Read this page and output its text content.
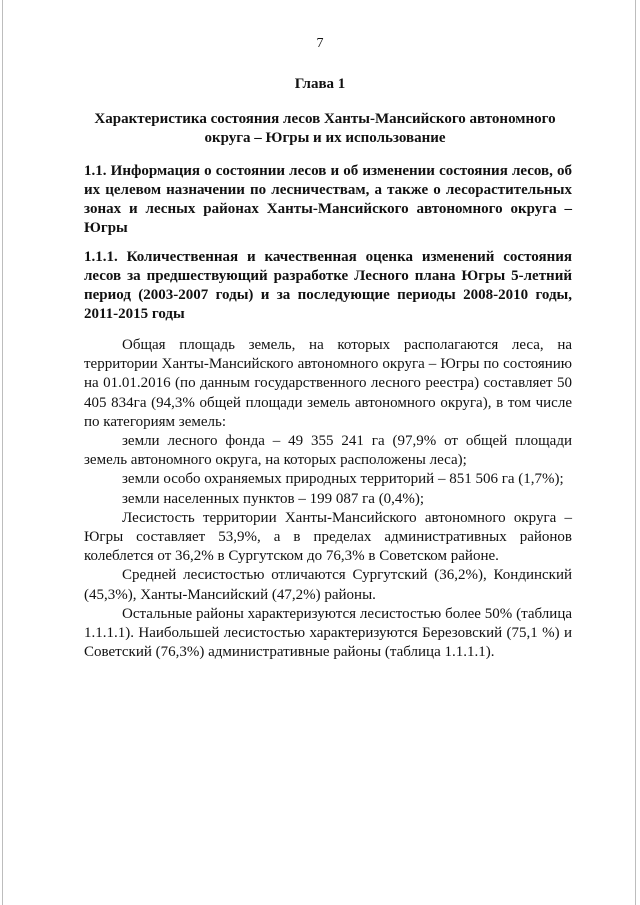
7
Глава 1
Характеристика состояния лесов Ханты-Мансийского автономного округа – Югры и их использование
1.1. Информация о состоянии лесов и об изменении состояния лесов, об их целевом назначении по лесничествам, а также о лесорастительных зонах и лесных районах Ханты-Мансийского автономного округа – Югры
1.1.1. Количественная и качественная оценка изменений состояния лесов за предшествующий разработке Лесного плана Югры 5-летний период (2003-2007 годы) и за последующие периоды 2008-2010 годы, 2011-2015 годы

Общая площадь земель, на которых располагаются леса, на территории Ханты-Мансийского автономного округа – Югры по состоянию на 01.01.2016 (по данным государственного лесного реестра) составляет 50 405 834га (94,3% общей площади земель автономного округа), в том числе по категориям земель:

земли лесного фонда – 49 355 241 га (97,9% от общей площади земель автономного округа, на которых расположены леса);

земли особо охраняемых природных территорий – 851 506 га (1,7%);

земли населенных пунктов – 199 087 га (0,4%);

Лесистость территории Ханты-Мансийского автономного округа – Югры составляет 53,9%, а в пределах административных районов колеблется от 36,2% в Сургутском до 76,3% в Советском районе.

Средней лесистостью отличаются Сургутский (36,2%), Кондинский (45,3%), Ханты-Мансийский (47,2%) районы.

Остальные районы характеризуются лесистостью более 50% (таблица 1.1.1.1). Наибольшей лесистостью характеризуются Березовский (75,1 %) и Советский (76,3%) административные районы (таблица 1.1.1.1).
